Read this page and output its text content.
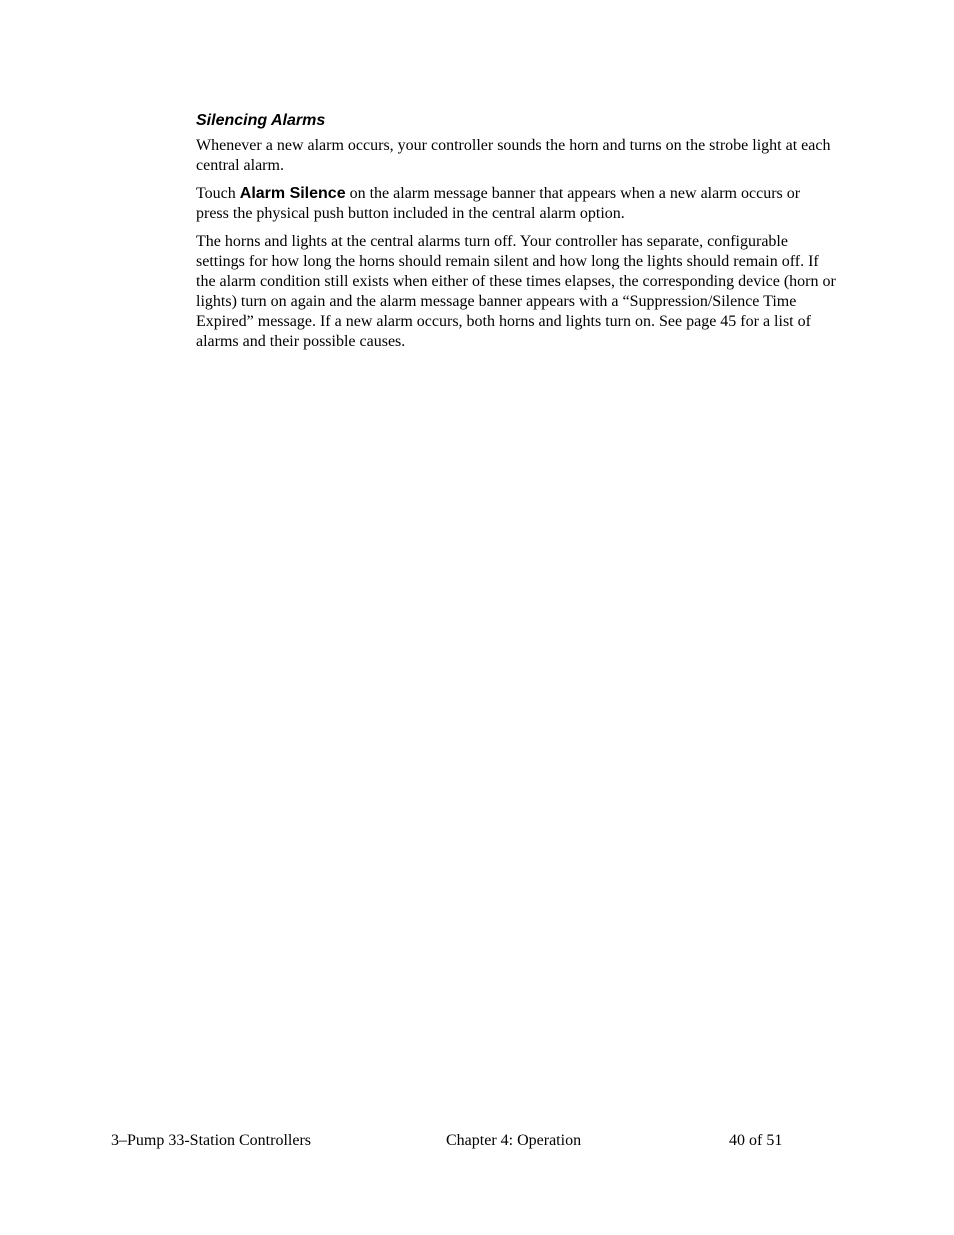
Silencing Alarms

Whenever a new alarm occurs, your controller sounds the horn and turns on the strobe light at each central alarm.

Touch Alarm Silence on the alarm message banner that appears when a new alarm occurs or press the physical push button included in the central alarm option.

The horns and lights at the central alarms turn off. Your controller has separate, configurable settings for how long the horns should remain silent and how long the lights should remain off. If the alarm condition still exists when either of these times elapses, the corresponding device (horn or lights) turn on again and the alarm message banner appears with a “Suppression/Silence Time Expired” message. If a new alarm occurs, both horns and lights turn on. See page 45 for a list of alarms and their possible causes.

3–Pump 33-Station Controllers	Chapter 4: Operation	40 of 51
